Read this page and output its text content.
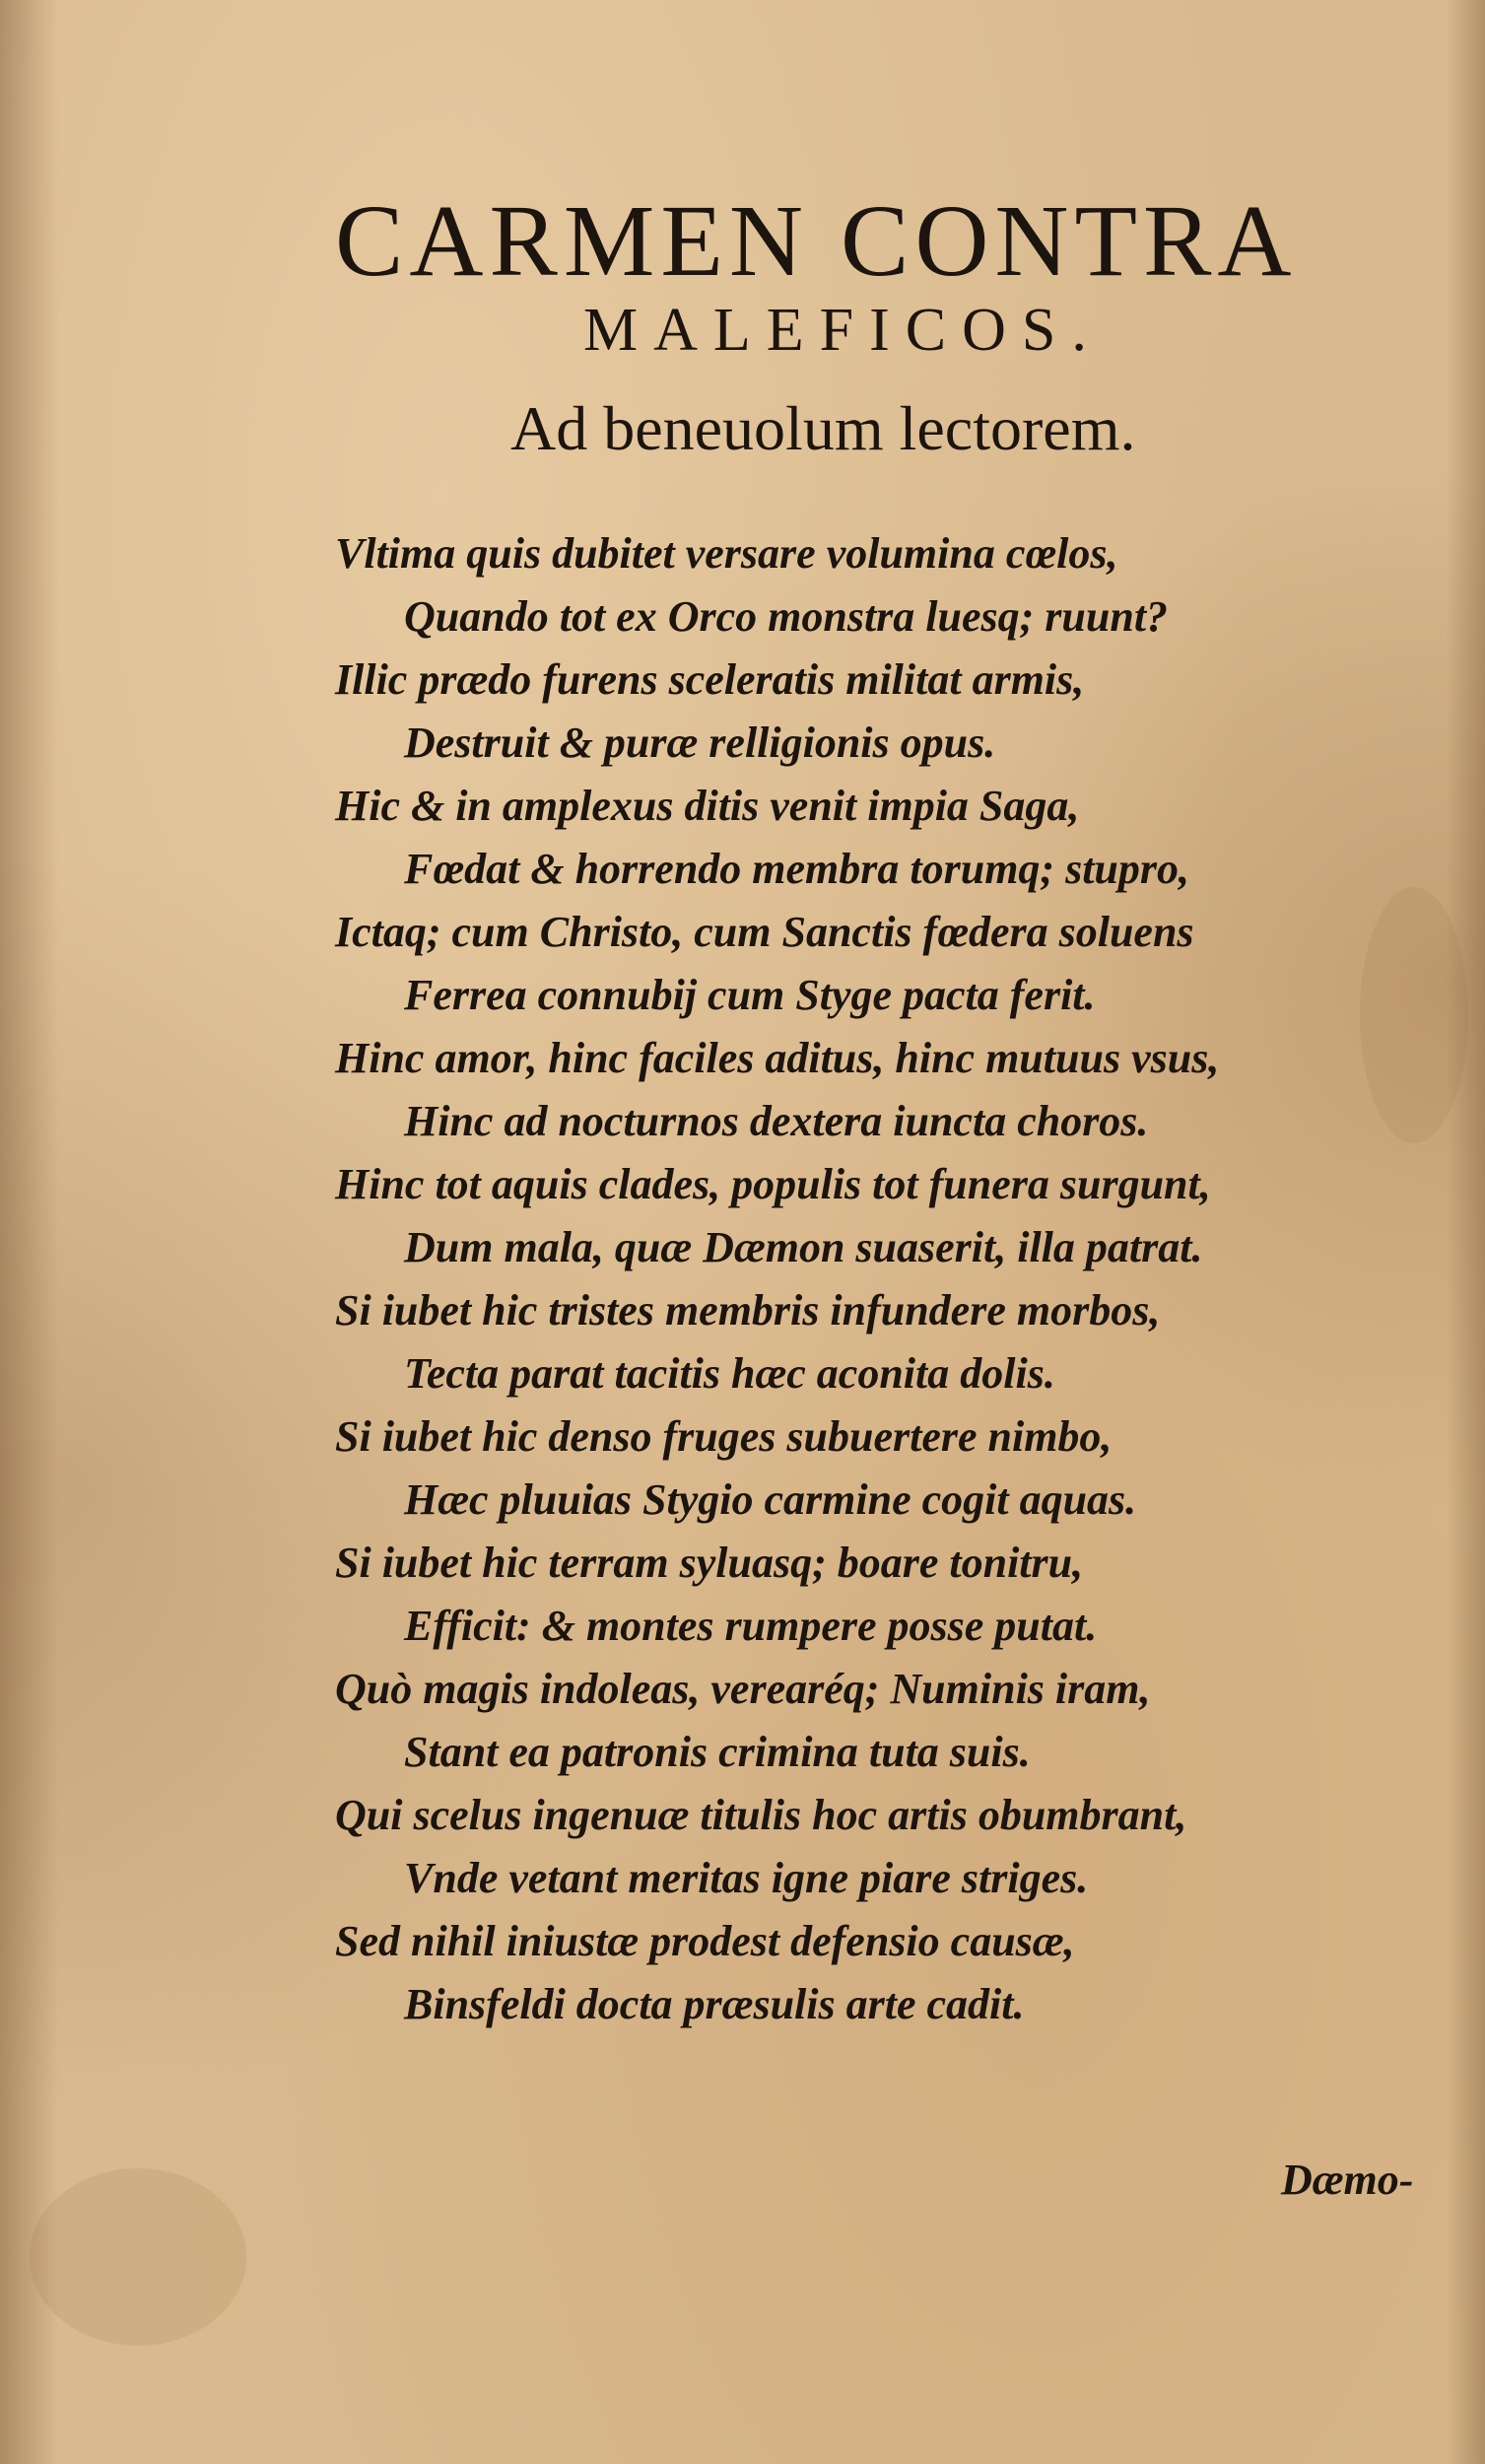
CARMEN CONTRA
MALEFICOS.
Ad beneuolum lectorem.
Vltima quis dubitet versare volumina cœlos,
Quando tot ex Orco monstra luesq; ruunt?
Illic prædo furens sceleratis militat armis,
Destruit & puræ relligionis opus.
Hic & in amplexus ditis venit impia Saga,
Fœdat & horrendo membra torumq; stupro,
Ictaq; cum Christo, cum Sanctis fœdera soluens
Ferrea connubij cum Styge pacta ferit.
Hinc amor, hinc faciles aditus, hinc mutuus vsus,
Hinc ad nocturnos dextera iuncta choros.
Hinc tot aquis clades, populis tot funera surgunt,
Dum mala, quæ Dæmon suaserit, illa patrat.
Si iubet hic tristes membris infundere morbos,
Tecta parat tacitis hæc aconita dolis.
Si iubet hic denso fruges subuertere nimbo,
Hæc pluuias Stygio carmine cogit aquas.
Si iubet hic terram syluasq; boare tonitru,
Efficit: & montes rumpere posse putat.
Quò magis indoleas, verearéq; Numinis iram,
Stant ea patronis crimina tuta suis.
Qui scelus ingenuæ titulis hoc artis obumbrant,
Vnde vetant meritas igne piare striges.
Sed nihil iniustæ prodest defensio causæ,
Binsfeldi docta præsulis arte cadit.
Dæmo-
